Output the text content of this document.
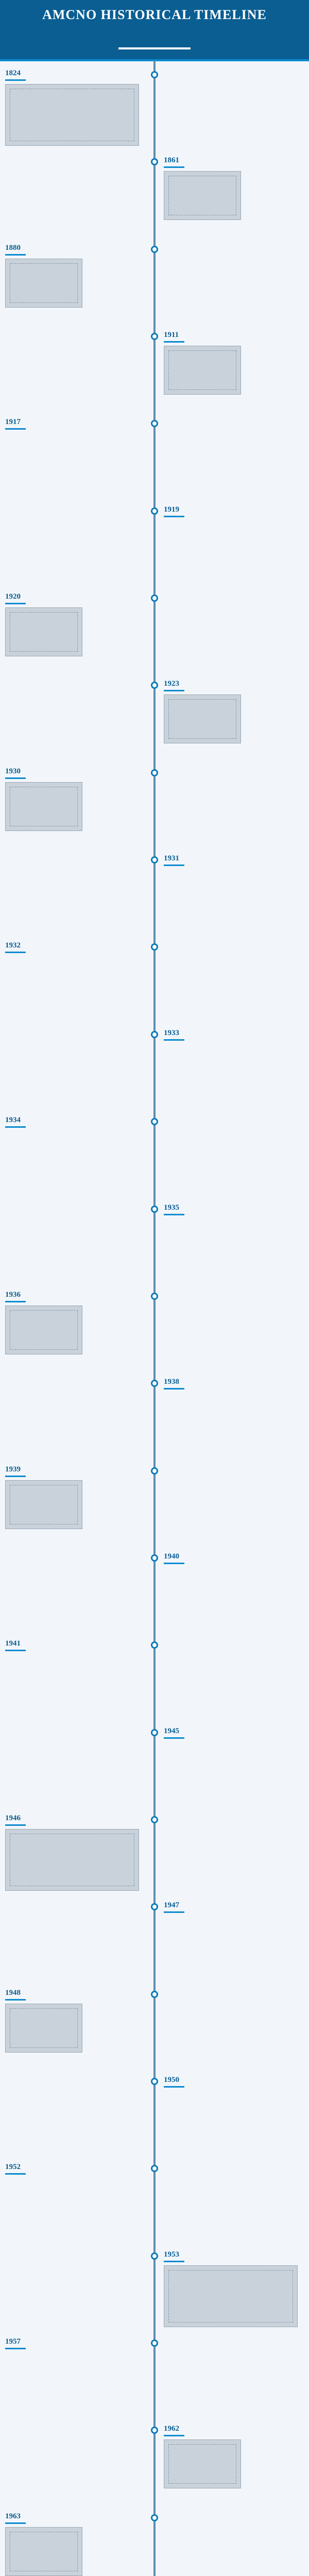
AMCNO HISTORICAL TIMELINE
1824
1861
1880
1911
1917
1919
1920
1923
1930
1931
1932
1933
1934
1935
1936
1938
1939
1940
1941
1945
1946
1947
1948
1950
1952
1953
1957
1962
1963
